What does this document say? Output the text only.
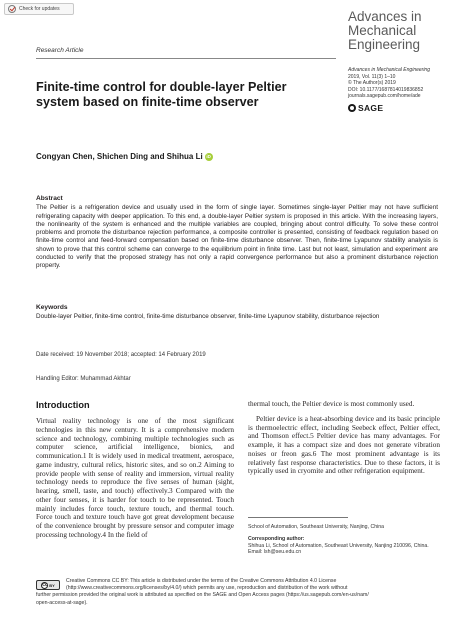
Check for updates	Advances in
Mechanical
Engineering
Advances in Mechanical Engineering
2019, Vol. 11(3) 1–10
© The Author(s) 2019
DOI: 10.1177/1687814019836852
journals.sagepub.com/home/ade
SAGE
Research Article
Finite-time control for double-layer Peltier system based on finite-time observer
Congyan Chen, Shichen Ding and Shihua Li iD
Abstract

The Peltier is a refrigeration device and usually used in the form of single layer. Sometimes single-layer Peltier may not have sufficient refrigerating capacity with deeper application. To this end, a double-layer Peltier system is proposed in this article. With the increasing layers, the nonlinearity of the system is enhanced and the multiple variables are coupled, bringing about control difficulty. To solve these control problems and promote the disturbance rejection performance, a composite controller is presented, consisting of feedback regulation based on finite-time control and feed-forward compensation based on finite-time disturbance observer. Then, finite-time Lyapunov stability analysis is shown to prove that this control scheme can converge to the equilibrium point in finite time. Last but not least, simulation and experiment are conducted to verify that the proposed strategy has not only a rapid convergence performance but also a prominent disturbance rejection property.

Keywords

Double-layer Peltier, finite-time control, finite-time disturbance observer, finite-time Lyapunov stability, disturbance rejection

Date received: 19 November 2018; accepted: 14 February 2019
Handling Editor: Muhammad Akhtar
Introduction

Virtual reality technology is one of the most significant technologies in this new century. It is a comprehensive modern science and technology, combining multiple technologies such as computer science, artificial intelligence, bionics, and communication.1 It is widely used in medical treatment, aerospace, game industry, cultural relics, historic sites, and so on.2 Aiming to provide people with sense of reality and immersion, virtual reality technology needs to reproduce the five senses of human (sight, hearing, smell, taste, and touch) effectively.3 Compared with the other four senses, it is harder for touch to be represented. Touch mainly includes force touch, texture touch, and thermal touch. Force touch and texture touch have got great development because of the convenience brought by pressure sensor and computer image processing technology.4 In the field of

thermal touch, the Peltier device is most commonly used.

Peltier device is a heat-absorbing device and its basic principle is thermoelectric effect, including Seebeck effect, Peltier effect, and Thomson effect.5 Peltier device has many advantages. For example, it has a compact size and does not generate vibration noises or freon gas.6 The most prominent advantage is its relatively fast response characteristics. Due to these factors, it is typically used in cryomite and other refrigeration equipment.

School of Automation, Southeast University, Nanjing, China
Corresponding author:
Shihua Li, School of Automation, Southeast University, Nanjing 210096, China.
Email: lsh@seu.edu.cn
cc BY
Creative Commons CC BY: This article is distributed under the terms of the Creative Commons Attribution 4.0 License
(http://www.creativecommons.org/licenses/by/4.0/) which permits any use, reproduction and distribution of the work without
further permission provided the original work is attributed as specified on the SAGE and Open Access pages (https://us.sagepub.com/en-us/nam/
open-access-at-sage).
